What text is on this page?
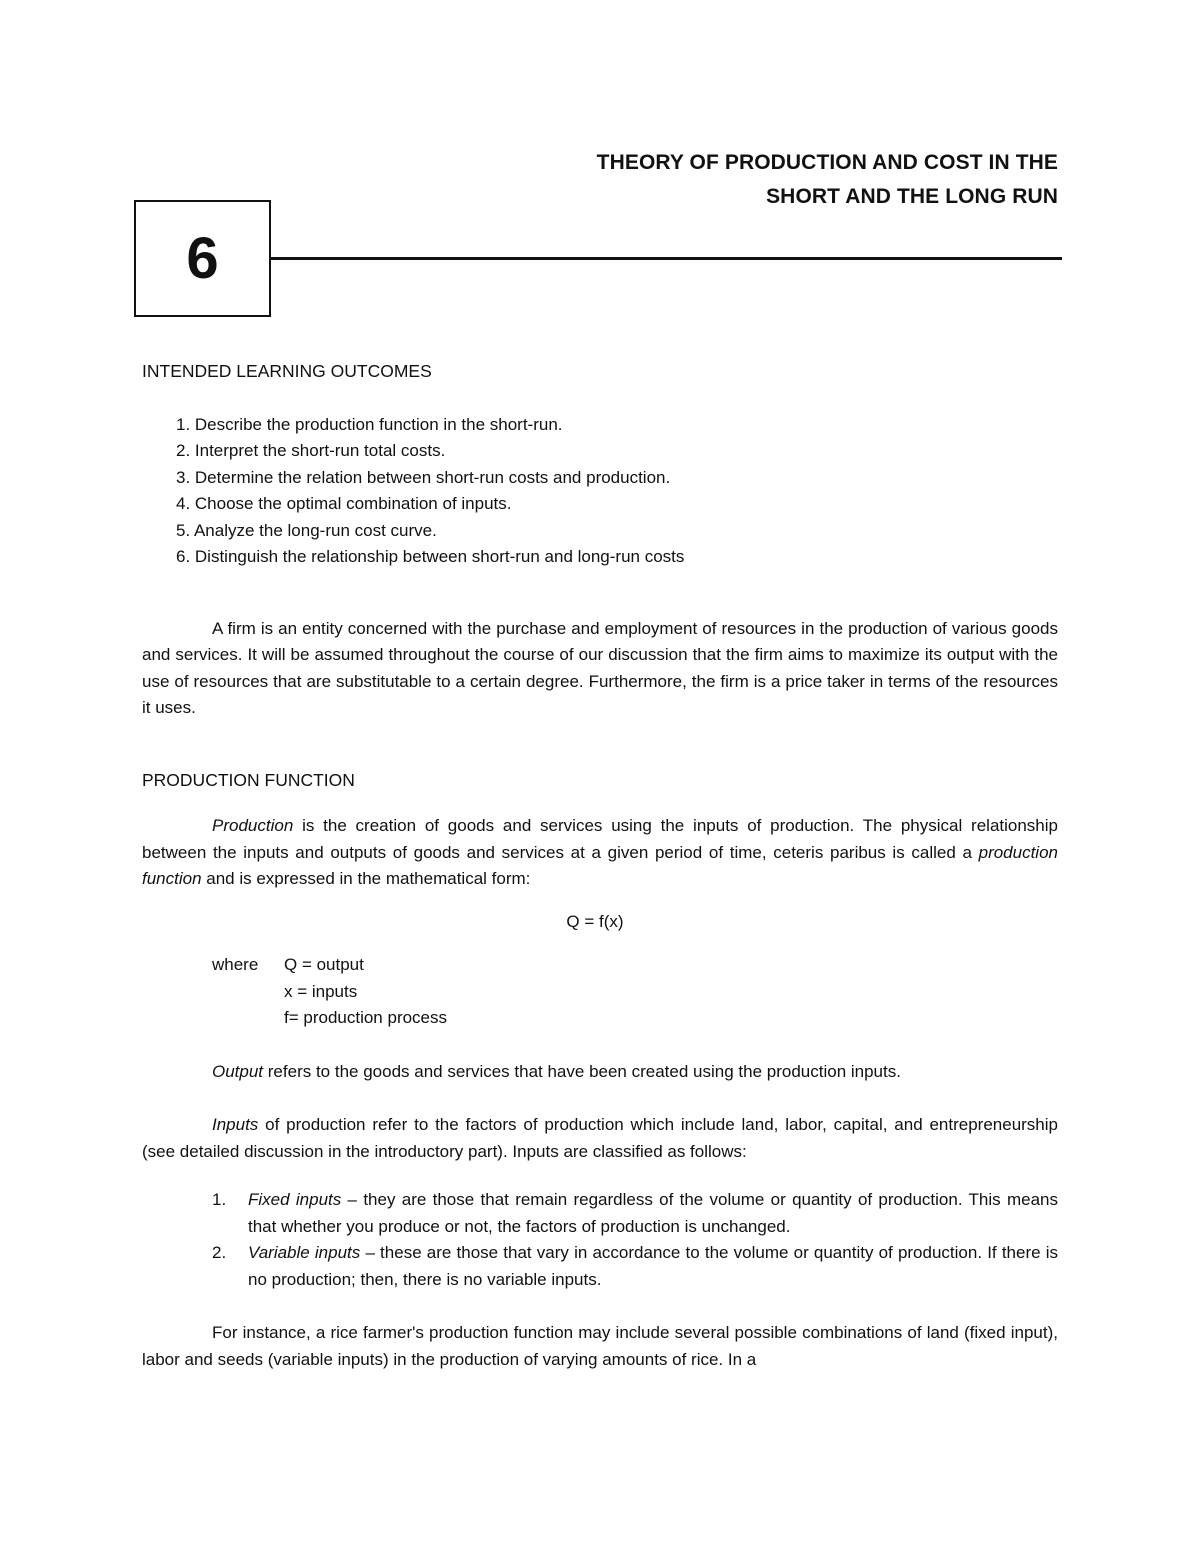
THEORY OF PRODUCTION AND COST IN THE
SHORT AND THE LONG RUN
6

INTENDED LEARNING OUTCOMES

1. Describe the production function in the short-run.
2. Interpret the short-run total costs.
3. Determine the relation between short-run costs and production.
4. Choose the optimal combination of inputs.
5. Analyze the long-run cost curve.
6. Distinguish the relationship between short-run and long-run costs

A firm is an entity concerned with the purchase and employment of resources in the production of various goods and services. It will be assumed throughout the course of our discussion that the firm aims to maximize its output with the use of resources that are substitutable to a certain degree. Furthermore, the firm is a price taker in terms of the resources it uses.

PRODUCTION FUNCTION

Production is the creation of goods and services using the inputs of production. The physical relationship between the inputs and outputs of goods and services at a given period of time, ceteris paribus is called a production function and is expressed in the mathematical form:

Q = f(x)

where	Q = output
x = inputs
f= production process

Output refers to the goods and services that have been created using the production inputs.

Inputs of production refer to the factors of production which include land, labor, capital, and entrepreneurship (see detailed discussion in the introductory part). Inputs are classified as follows:

1.	Fixed inputs – they are those that remain regardless of the volume or quantity of production. This means that whether you produce or not, the factors of production is unchanged.
2.	Variable inputs – these are those that vary in accordance to the volume or quantity of production. If there is no production; then, there is no variable inputs.

For instance, a rice farmer's production function may include several possible combinations of land (fixed input), labor and seeds (variable inputs) in the production of varying amounts of rice. In a
